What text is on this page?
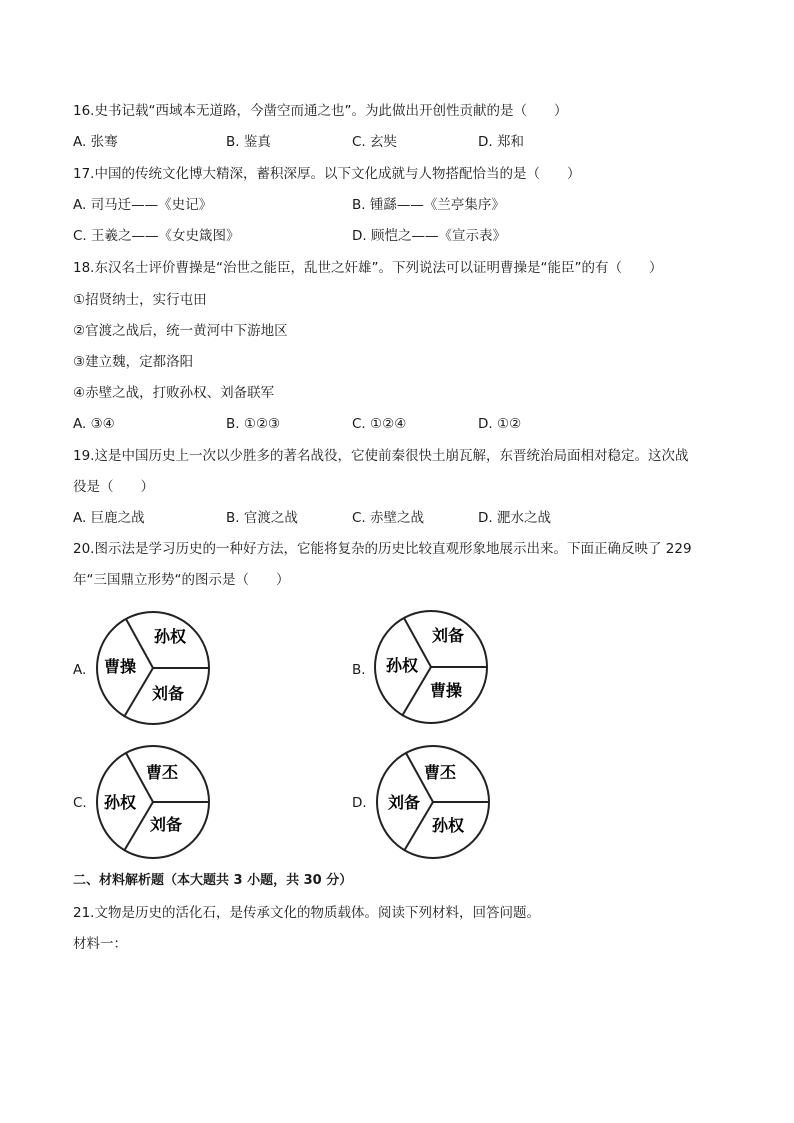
16.史书记载“西域本无道路，今凿空而通之也”。为此做出开创性贡献的是（　　）
A. 张骞	B. 鉴真	C. 玄奘	D. 郑和
17.中国的传统文化博大精深，蓄积深厚。以下文化成就与人物搭配恰当的是（　　）
A. 司马迁——《史记》	B. 锺繇——《兰亭集序》
C. 王羲之——《女史箴图》	D. 顾恺之——《宣示表》
18.东汉名士评价曹操是“治世之能臣，乱世之奸雄”。下列说法可以证明曹操是“能臣”的有（　　）
①招贤纳士，实行屯田
②官渡之战后，统一黄河中下游地区
③建立魏，定都洛阳
④赤壁之战，打败孙权、刘备联军
A. ③④	B. ①②③	C. ①②④	D. ①②
19.这是中国历史上一次以少胜多的著名战役，它使前秦很快土崩瓦解，东晋统治局面相对稳定。这次战
役是（　　）
A. 巨鹿之战	B. 官渡之战	C. 赤壁之战	D. 淝水之战
20.图示法是学习历史的一种好方法，它能将复杂的历史比较直观形象地展示出来。下面正确反映了 229
年“三国鼎立形势“的图示是（　　）
A. 曹操
孙权
刘备
B. 孙权
刘备
曹操
C. 孙权
曹丕
刘备
D. 刘备
曹丕
孙权
二、材料解析题（本大题共 3 小题，共 30 分）
21.文物是历史的活化石，是传承文化的物质载体。阅读下列材料，回答问题。
材料一：
